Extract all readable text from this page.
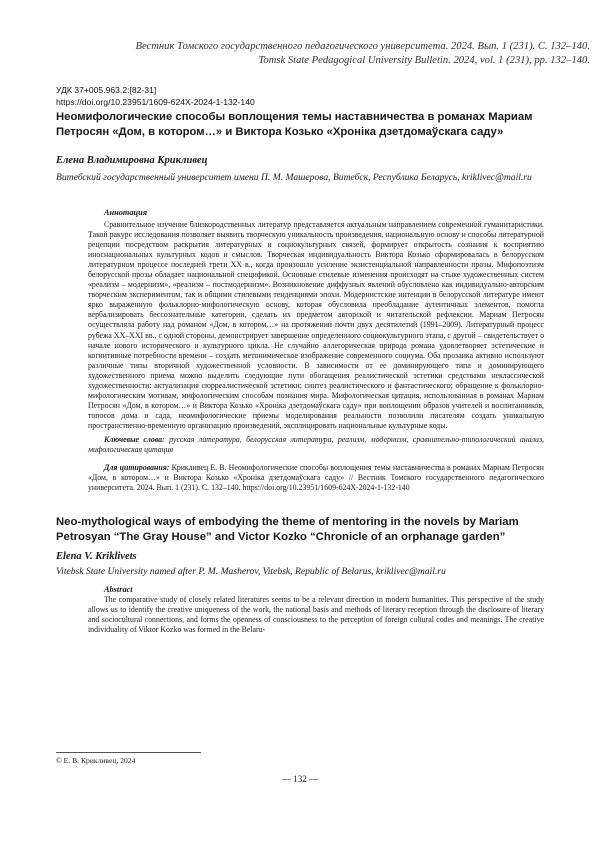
Вестник Томского государственного педагогического университета. 2024. Вып. 1 (231). С. 132–140.
Tomsk State Pedagogical University Bulletin. 2024, vol. 1 (231), pp. 132–140.
УДК 37+005.963.2:[82-31]
https://doi.org/10.23951/1609-624X-2024-1-132-140
Неомифологические способы воплощения темы наставничества в романах Мариам Петросян «Дом, в котором…» и Виктора Козько «Хроніка дзетдомаўскага саду»
Елена Владимировна Крикливец
Витебский государственный университет имени П. М. Машерова, Витебск, Республика Беларусь, kriklivec@mail.ru
Аннотация
Сравнительное изучение близкородственных литератур представляется актуальным направлением современной гуманитаристики. Такой ракурс исследования позволяет выявить творческую уникальность произведения, национальную основу и способы литературной рецепции посредством раскрытия литературных и социокультурных связей, формирует открытость сознания к восприятию иноснациональных культурных кодов и смыслов. Творческая индивидуальность Виктора Козько сформировалась в белорусском литературном процессе последней трети XX в., когда произошло усиление экзистенциальной направленности прозы. Мифопоэтизм белорусской прозы обладает национальной спецификой. Основные стилевые изменения происходят на стыке художественных систем «реализм – модернизм», «реализм – постмодернизм». Возникновение диффузных явлений обусловлено как индивидуально-авторским творческим экспериментом, так и общими стилевыми тенденциями эпохи. Модернистские интенции в белорусской литературе имеют ярко выраженную фольклорно-мифологическую основу, которая обусловила преобладание аутентичных элементов, помогла вербализировать бессознательные категории, сделать их предметом авторской и читательской рефлексии. Мариам Петросян осуществляла работу над романом «Дом, в котором…» на протяжении почти двух десятилетий (1991–2009). Литературный процесс рубежа XX–XXI вв., с одной стороны, демонстрирует завершение определенного социокультурного этапа, с другой – свидетельствует о начале нового исторического и культурного цикла. Не случайно аллегорическая природа романа удовлетворяет эстетические и когнитивные потребности времени – создать метонимическое изображение современного социума. Оба прозаика активно используют различные типы вторичной художественной условности. В зависимости от ее доминирующего типа и доминирующего художественного приема можно выделить следующие пути обогащения реалистической эстетики средствами неклассической художественности: актуализация сюрреалистической эстетики; синтез реалистического и фантастического; обращение к фольклорно-мифологическим мотивам, мифологическим способам познания мира. Мифологическая цитация, использованная в романах Мариам Петросян «Дом, в котором…» и Виктора Козько «Хроніка дзетдомаўскага саду» при воплощении образов учителей и воспитанников, топосов дома и сада, неомифологические приемы моделирования реальности позволили писателям создать уникальную пространственно-временную организацию произведений, эксплицировать национальные культурные коды.
Ключевые слова: русская литература, белорусская литература, реализм, модернизм, сравнительно-типологический анализ, мифологическая цитация
Для цитирования: Крикливец Е. В. Неомифологические способы воплощения темы наставничества в романах Мариам Петросян «Дом, в котором…» и Виктора Козько «Хроніка дзетдомаўскага саду» // Вестник Томского государственного педагогического университета. 2024. Вып. 1 (231). С. 132–140. https://doi.org/10.23951/1609-624X-2024-1-132-140
Neo-mythological ways of embodying the theme of mentoring in the novels by Mariam Petrosyan “The Gray House” and Victor Kozko “Chronicle of an orphanage garden”
Elena V. Kriklivets
Vitebsk State University named after P. M. Masherov, Vitebsk, Republic of Belarus, kriklivec@mail.ru
Abstract
The comparative study of closely related literatures seems to be a relevant direction in modern humanities. This perspective of the study allows us to identify the creative uniqueness of the work, the national basis and methods of literary reception through the disclosure of literary and sociocultural connections, and forms the openness of consciousness to the perception of foreign cultural codes and meanings. The creative individuality of Viktor Kozko was formed in the Belaru-
© Е. В. Крикливец, 2024
— 132 —
